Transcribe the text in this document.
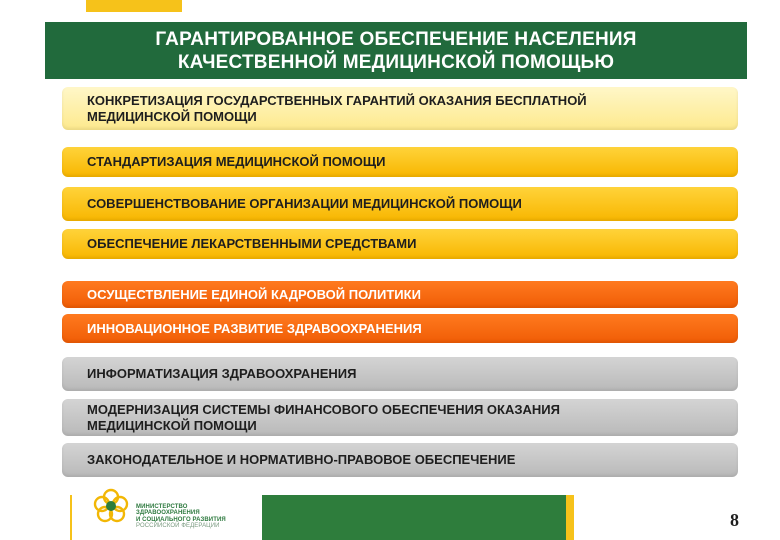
ГАРАНТИРОВАННОЕ ОБЕСПЕЧЕНИЕ НАСЕЛЕНИЯ
КАЧЕСТВЕННОЙ МЕДИЦИНСКОЙ ПОМОЩЬЮ

КОНКРЕТИЗАЦИЯ ГОСУДАРСТВЕННЫХ ГАРАНТИЙ ОКАЗАНИЯ БЕСПЛАТНОЙ
МЕДИЦИНСКОЙ ПОМОЩИ
СТАНДАРТИЗАЦИЯ МЕДИЦИНСКОЙ ПОМОЩИ
СОВЕРШЕНСТВОВАНИЕ ОРГАНИЗАЦИИ МЕДИЦИНСКОЙ ПОМОЩИ
ОБЕСПЕЧЕНИЕ ЛЕКАРСТВЕННЫМИ СРЕДСТВАМИ
ОСУЩЕСТВЛЕНИЕ ЕДИНОЙ КАДРОВОЙ ПОЛИТИКИ
ИННОВАЦИОННОЕ РАЗВИТИЕ ЗДРАВООХРАНЕНИЯ
ИНФОРМАТИЗАЦИЯ ЗДРАВООХРАНЕНИЯ
МОДЕРНИЗАЦИЯ СИСТЕМЫ ФИНАНСОВОГО ОБЕСПЕЧЕНИЯ ОКАЗАНИЯ
МЕДИЦИНСКОЙ ПОМОЩИ
ЗАКОНОДАТЕЛЬНОЕ И НОРМАТИВНО-ПРАВОВОЕ ОБЕСПЕЧЕНИЕ
МИНИСТЕРСТВО
ЗДРАВООХРАНЕНИЯ
И СОЦИАЛЬНОГО РАЗВИТИЯ
РОССИЙСКОЙ ФЕДЕРАЦИИ	8
